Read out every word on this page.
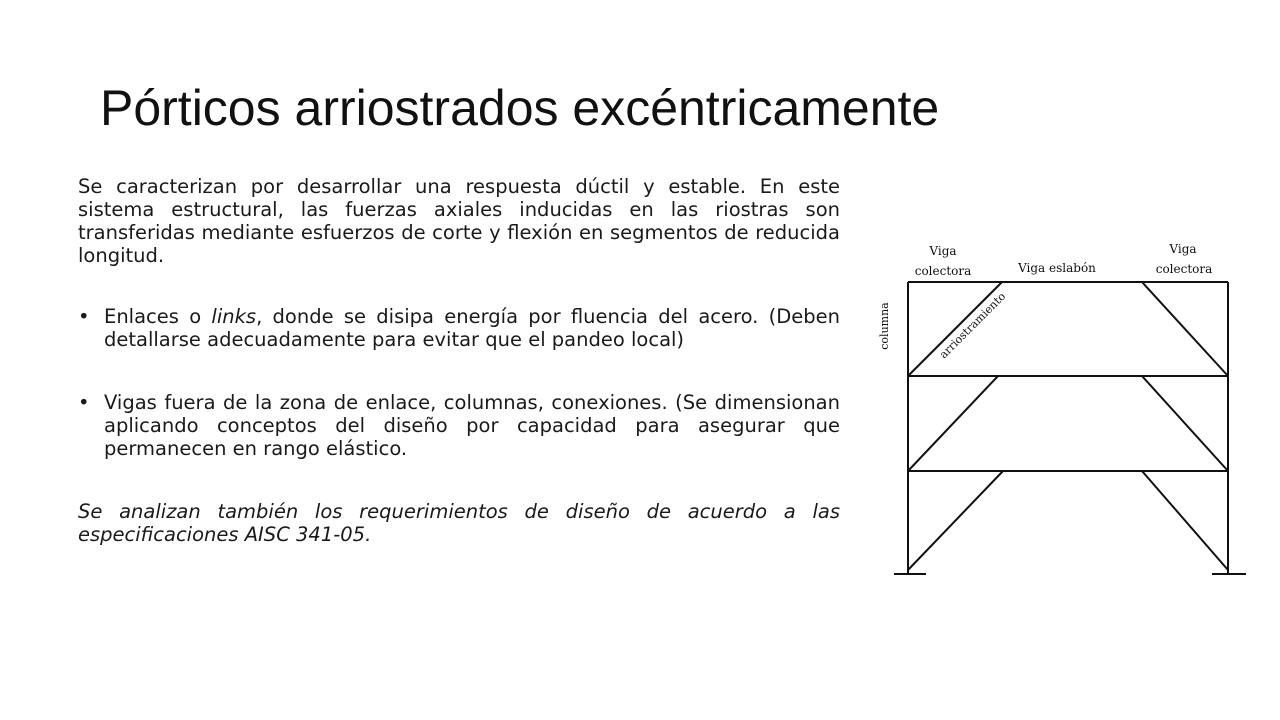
Pórticos arriostrados excéntricamente

Se caracterizan por desarrollar una respuesta dúctil y estable. En este sistema estructural, las fuerzas axiales inducidas en las riostras son transferidas mediante esfuerzos de corte y flexión en segmentos de reducida longitud.

• Enlaces o links, donde se disipa energía por fluencia del acero. (Deben detallarse adecuadamente para evitar que el pandeo local)
• Vigas fuera de la zona de enlace, columnas, conexiones. (Se dimensionan aplicando conceptos del diseño por capacidad para asegurar que permanecen en rango elástico.

Se analizan también los requerimientos de diseño de acuerdo a las especificaciones AISC 341-05.

Viga
colectora	Viga eslabón
Viga
colectora
columna	arriostramiento
